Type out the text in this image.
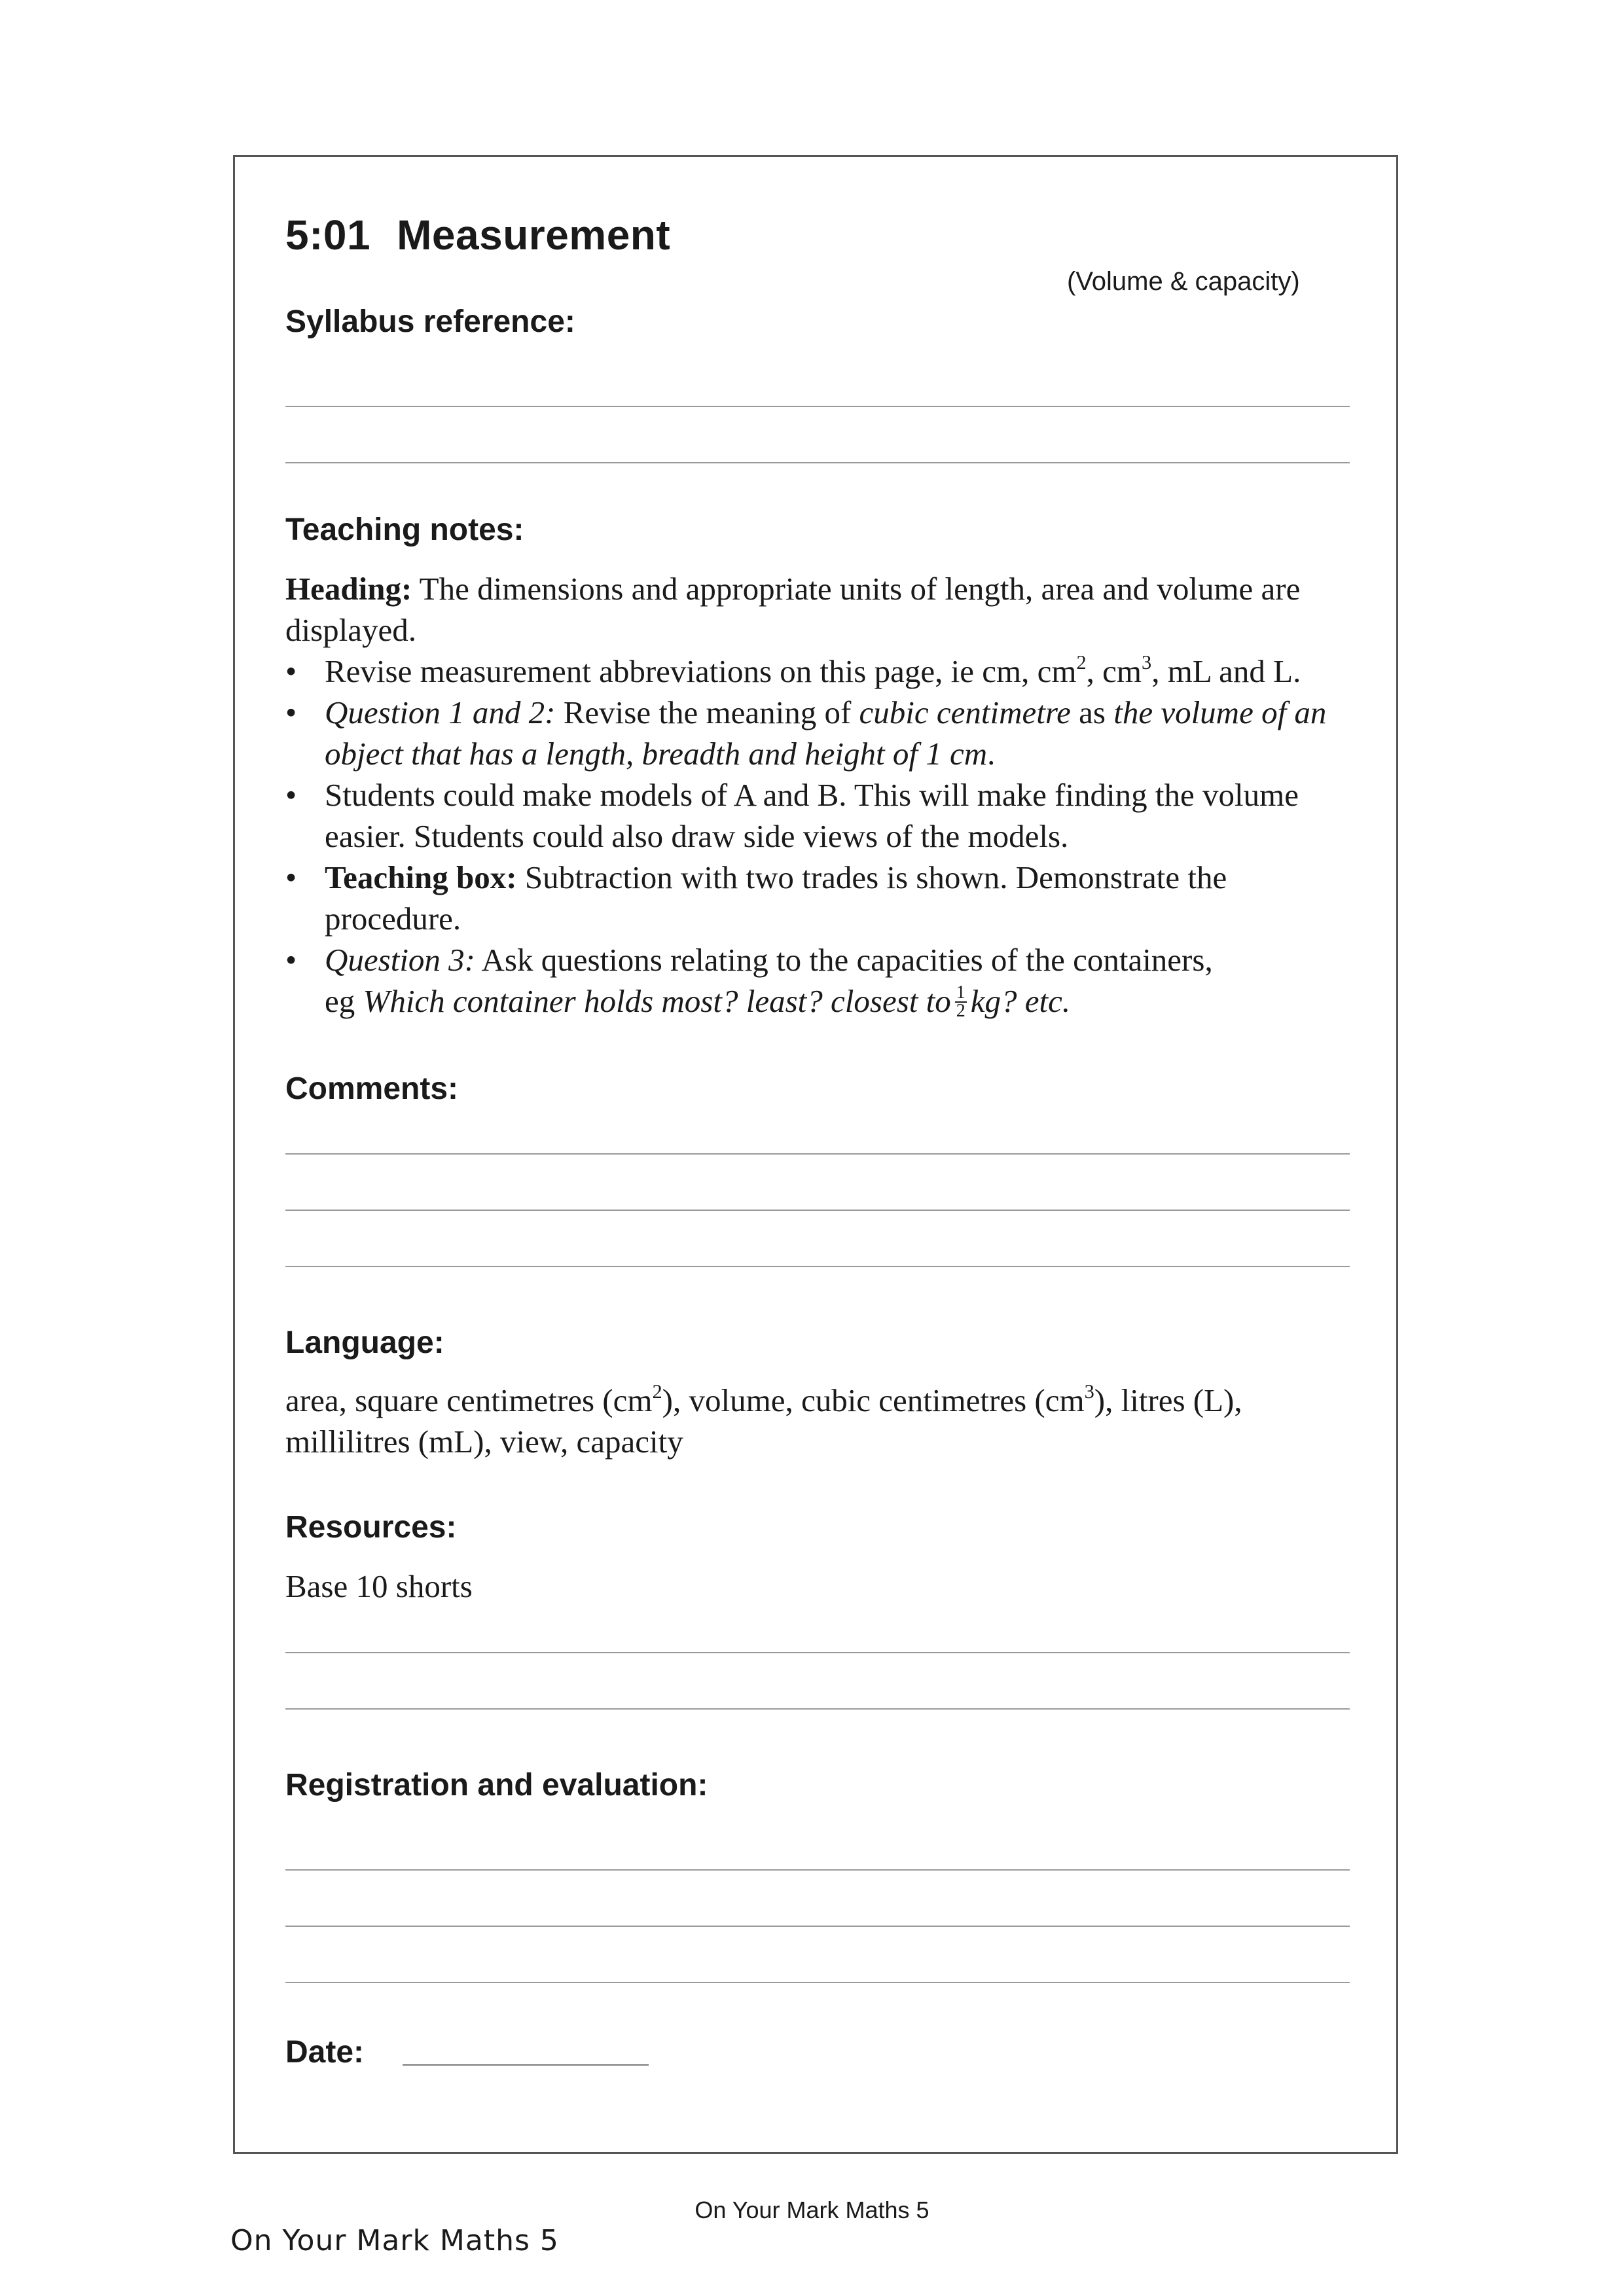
5:01 Measurement
(Volume & capacity)
Syllabus reference:
Teaching notes:

Heading: The dimensions and appropriate units of length, area and volume are displayed.

• Revise measurement abbreviations on this page, ie cm, $cm^2$, $cm^3$, mL and L.
• Question 1 and 2: Revise the meaning of cubic centimetre as the volume of an object that has a length, breadth and height of 1 cm.
• Students could make models of A and B. This will make finding the volume easier. Students could also draw side views of the models.
• Teaching box: Subtraction with two trades is shown. Demonstrate the procedure.
• Question 3: Ask questions relating to the capacities of the containers,
eg Which container holds most? least? closest to $\frac{1}{2}$ kg? etc.
Comments:
Language:
area, square centimetres $(cm^2)$, volume, cubic centimetres $(cm^3)$, litres (L), millilitres (mL), view, capacity
Resources:
Base 10 shorts
Registration and evaluation:
Date:
On Your Mark Maths 5
On Your Mark Maths 5
